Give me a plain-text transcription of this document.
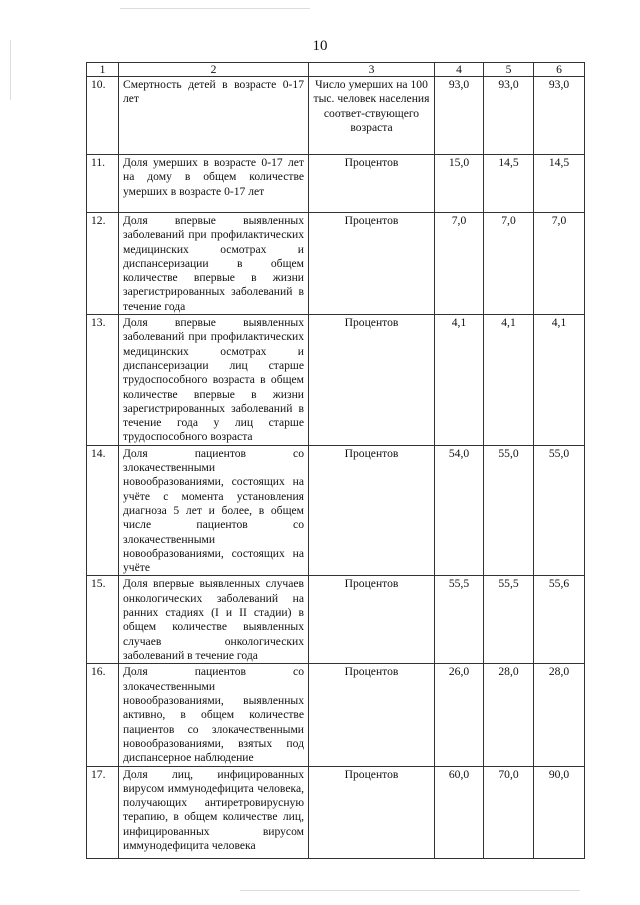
10
1	2	3	4	5	6
10.	Смертность детей в возрасте 0-17 лет	Число умерших на 100 тыс. человек населения соответ-ствующего возраста	93,0	93,0	93,0
11.	Доля умерших в возрасте 0-17 лет на дому в общем количестве умерших в возрасте 0-17 лет	Процентов	15,0	14,5	14,5
12.	Доля впервые выявленных заболеваний при профилактических медицинских осмотрах и диспансеризации в общем количестве впервые в жизни зарегистрированных заболеваний в течение года	Процентов	7,0	7,0	7,0
13.	Доля впервые выявленных заболеваний при профилактических медицинских осмотрах и диспансеризации лиц старше трудоспособного возраста в общем количестве впервые в жизни зарегистрированных заболеваний в течение года у лиц старше трудоспособного возраста	Процентов	4,1	4,1	4,1
14.	Доля пациентов со злокачественными новообразованиями, состоящих на учёте с момента установления диагноза 5 лет и более, в общем числе пациентов со злокачественными новообразованиями, состоящих на учёте	Процентов	54,0	55,0	55,0
15.	Доля впервые выявленных случаев онкологических заболеваний на ранних стадиях (I и II стадии) в общем количестве выявленных случаев онкологических заболеваний в течение года	Процентов	55,5	55,5	55,6
16.	Доля пациентов со злокачественными новообразованиями, выявленных активно, в общем количестве пациентов со злокачественными новообразованиями, взятых под диспансерное наблюдение	Процентов	26,0	28,0	28,0
17.	Доля лиц, инфицированных вирусом иммунодефицита человека, получающих антиретровирусную терапию, в общем количестве лиц, инфицированных вирусом иммунодефицита человека	Процентов	60,0	70,0	90,0
